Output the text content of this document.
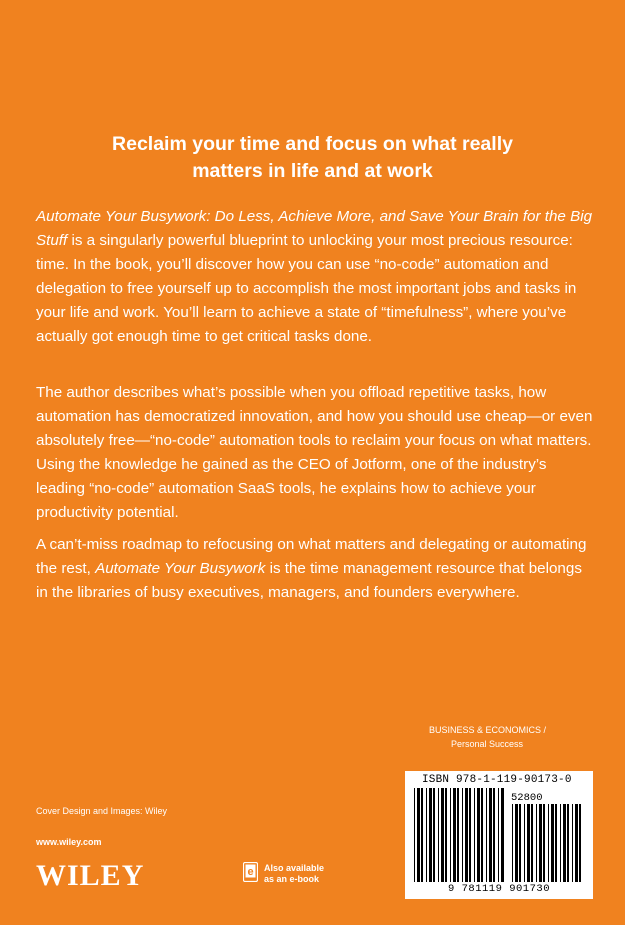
Reclaim your time and focus on what really
matters in life and at work
Automate Your Busywork: Do Less, Achieve More, and Save Your Brain for the Big Stuff is a singularly powerful blueprint to unlocking your most precious resource: time. In the book, you’ll discover how you can use “no-code” automation and delegation to free yourself up to accomplish the most important jobs and tasks in your life and work. You’ll learn to achieve a state of “timefulness”, where you’ve actually got enough time to get critical tasks done.
The author describes what’s possible when you offload repetitive tasks, how automation has democratized innovation, and how you should use cheap—or even absolutely free—“no-code” automation tools to reclaim your focus on what matters. Using the knowledge he gained as the CEO of Jotform, one of the industry’s leading “no-code” automation SaaS tools, he explains how to achieve your productivity potential.
A can’t-miss roadmap to refocusing on what matters and delegating or automating the rest, Automate Your Busywork is the time management resource that belongs in the libraries of busy executives, managers, and founders everywhere.
BUSINESS & ECONOMICS /
Personal Success
ISBN 978-1-119-90173-0
52800
9 781119 901730
Cover Design and Images: Wiley
www.wiley.com
WILEY	e Also available
as an e-book
